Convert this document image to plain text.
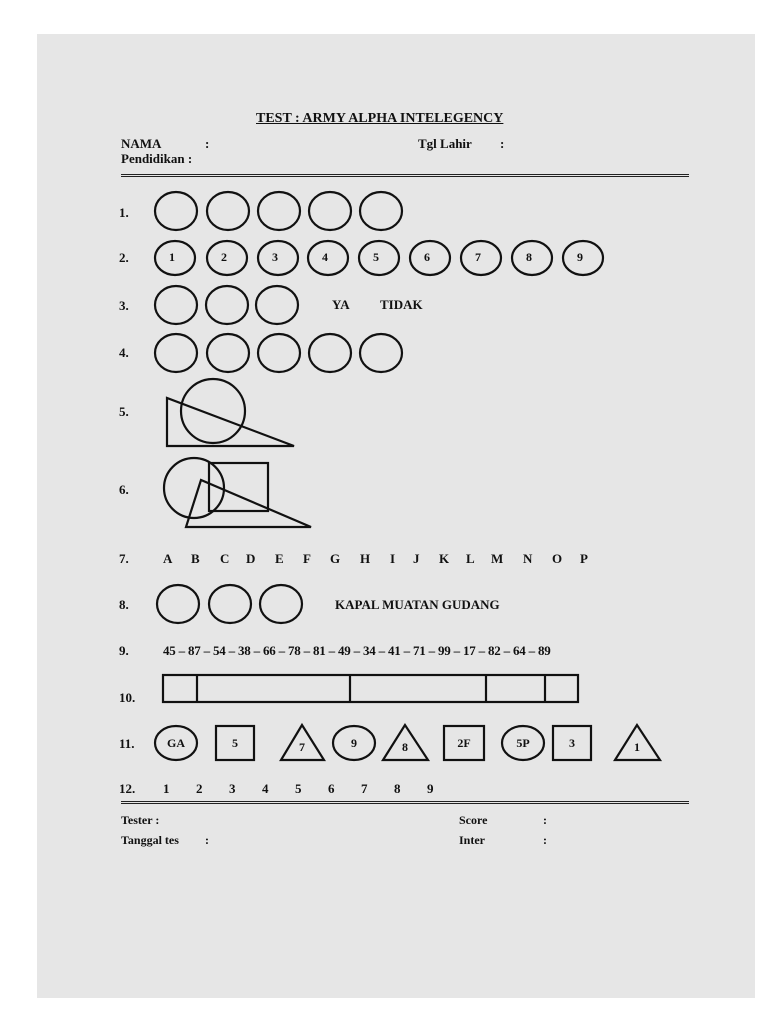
TEST : ARMY ALPHA INTELEGENCY
NAMA	:	Tgl Lahir :
Pendidikan :
1.
2.
3.
4.
5.
6.
7.
8.
9.
10.
11.
12.
1	2	3	4	5	6	7	8	9
YA TIDAK
A B C D E F G H I J K L M N O P
KAPAL MUATAN GUDANG
45 – 87 – 54 – 38 – 66 – 78 – 81 – 49 – 34 – 41 – 71 – 99 – 17 – 82 – 64 – 89
GA	5	7	9	8	2F	5P	3	1
1 2 3 4 5 6 7 8 9
Tester :
Tanggal tes :
Score	:
Inter	:
